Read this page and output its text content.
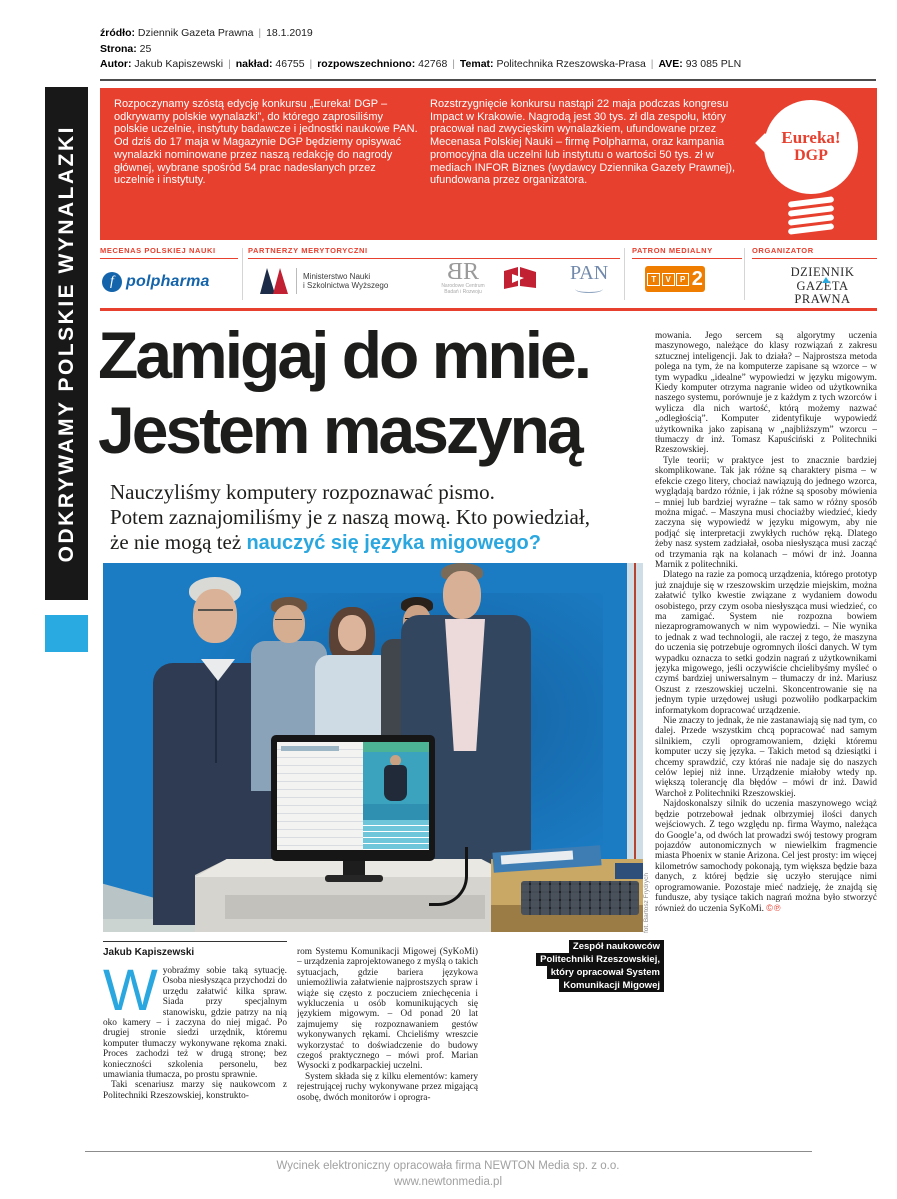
źródło: Dziennik Gazeta Prawna | 18.1.2019
Strona: 25
Autor: Jakub Kapiszewski | nakład: 46755 | rozpowszechniono: 42768 | Temat: Politechnika Rzeszowska-Prasa | AVE: 93 085 PLN
ODKRYWAMY POLSKIE WYNALAZKI

Rozpoczynamy szóstą edycję konkursu „Eureka! DGP – odkrywamy polskie wynalazki”, do którego zaprosiliśmy polskie uczelnie, instytuty badawcze i jednostki naukowe PAN. Od dziś do 17 maja w Magazynie DGP będziemy opisywać wynalazki nominowane przez naszą redakcję do nagrody głównej, wybrane spośród 54 prac nadesłanych przez uczelnie i instytuty.

Rozstrzygnięcie konkursu nastąpi 22 maja podczas kongresu Impact w Krakowie. Nagrodą jest 30 tys. zł dla zespołu, który pracował nad zwycięskim wynalazkiem, ufundowane przez Mecenasa Polskiej Nauki – firmę Polpharma, oraz kampania promocyjna dla uczelni lub instytutu o wartości 50 tys. zł w mediach INFOR Biznes (wydawcy Dziennika Gazety Prawnej), ufundowana przez organizatora.

Eureka!
DGP
MECENAS POLSKIEJ NAUKI	PARTNERZY MERYTORYCZNI	PATRON MEDIALNY	ORGANIZATOR
f polpharma	Ministerstwo Nauki
i Szkolnictwa Wyższego
BR
Narodowe Centrum
Badań i Rozwoju
PAN	T	V	P 2	DZIENNIK
GAZETA PRAWNA
Zamigaj do mnie.
Jestem maszyną
Nauczyliśmy komputery rozpoznawać pismo.
Potem zaznajomiliśmy je z naszą mową. Kto powiedział,
że nie mogą też nauczyć się języka migowego?
fot. Bartosz Frydrych
Zespół naukowców
Politechniki Rzeszowskiej,
który opracował System
Komunikacji Migowej
Jakub Kapiszewski

Wyobraźmy sobie taką sytuację. Osoba niesłysząca przychodzi do urzędu załatwić kilka spraw. Siada przy specjalnym stanowisku, gdzie patrzy na nią oko kamery – i zaczyna do niej migać. Po drugiej stronie siedzi urzędnik, któremu komputer tłumaczy wykonywane rękoma znaki. Proces zachodzi też w drugą stronę; bez konieczności szkolenia personelu, bez umawiania tłumacza, po prostu sprawnie.

Taki scenariusz marzy się naukowcom z Politechniki Rzeszowskiej, konstrukto-

rom Systemu Komunikacji Migowej (SyKoMi) – urządzenia zaprojektowanego z myślą o takich sytuacjach, gdzie bariera językowa uniemożliwia załatwienie najprostszych spraw i wiąże się często z poczuciem zniechęcenia i wykluczenia u osób komunikujących się językiem migowym. – Od ponad 20 lat zajmujemy się rozpoznawaniem gestów wykonywanych rękami. Chcieliśmy wreszcie wykorzystać to doświadczenie do budowy czegoś praktycznego – mówi prof. Marian Wysocki z podkarpackiej uczelni.

System składa się z kilku elementów: kamery rejestrującej ruchy wykonywane przez migającą osobę, dwóch monitorów i oprogra-

mowania. Jego sercem są algorytmy uczenia maszynowego, należące do klasy rozwiązań z zakresu sztucznej inteligencji. Jak to działa? – Najprostsza metoda polega na tym, że na komputerze zapisane są wzorce – w tym wypadku „idealne” wypowiedzi w języku migowym. Kiedy komputer otrzyma nagranie wideo od użytkownika naszego systemu, porównuje je z każdym z tych wzorców i wylicza dla nich wartość, którą możemy nazwać „odległością”. Komputer zidentyfikuje wypowiedź użytkownika jako zapisaną w „najbliższym” wzorcu – tłumaczy dr inż. Tomasz Kapuściński z Politechniki Rzeszowskiej.

Tyle teorii; w praktyce jest to znacznie bardziej skomplikowane. Tak jak różne są charaktery pisma – w efekcie czego litery, chociaż nawiązują do jednego wzorca, wyglądają bardzo różnie, i jak różne są sposoby mówienia – mniej lub bardziej wyraźne – tak samo w różny sposób można migać. – Maszyna musi chociażby wiedzieć, kiedy zaczyna się wypowiedź w języku migowym, aby nie podjąć się interpretacji zwykłych ruchów ręką. Dlatego żeby nasz system zadziałał, osoba niesłysząca musi zacząć od trzymania rąk na kolanach – mówi dr inż. Joanna Marnik z politechniki.

Dlatego na razie za pomocą urządzenia, którego prototyp już znajduje się w rzeszowskim urzędzie miejskim, można załatwić tylko kwestie związane z wydaniem dowodu osobistego, przy czym osoba niesłysząca musi wiedzieć, co ma zamigać. System nie rozpozna bowiem niezaprogramowanych w nim wypowiedzi. – Nie wynika to jednak z wad technologii, ale raczej z tego, że maszyna do uczenia się potrzebuje ogromnych ilości danych. W tym wypadku oznacza to setki godzin nagrań z użytkownikami języka migowego, jeśli oczywiście chcielibyśmy myśleć o czymś bardziej uniwersalnym – tłumaczy dr inż. Mariusz Oszust z rzeszowskiej uczelni. Skoncentrowanie się na jednym typie urzędowej usługi pozwoliło podkarpackim informatykom dopracować urządzenie.

Nie znaczy to jednak, że nie zastanawiają się nad tym, co dalej. Przede wszystkim chcą popracować nad samym silnikiem, czyli oprogramowaniem, dzięki któremu komputer uczy się języka. – Takich metod są dziesiątki i chcemy sprawdzić, czy któraś nie nadaje się do naszych celów lepiej niż inne. Urządzenie miałoby wtedy np. większą tolerancję dla błędów – mówi dr inż. Dawid Warchoł z Politechniki Rzeszowskiej.

Najdoskonalszy silnik do uczenia maszynowego wciąż będzie potrzebował jednak olbrzymiej ilości danych wejściowych. Z tego względu np. firma Waymo, należąca do Google’a, od dwóch lat prowadzi swój testowy program pojazdów autonomicznych w niewielkim fragmencie miasta Phoenix w stanie Arizona. Cel jest prosty: im więcej kilometrów samochody pokonają, tym większa będzie baza danych, z której będzie się uczyło sterujące nimi oprogramowanie. Pozostaje mieć nadzieję, że znajdą się fundusze, aby tysiące takich nagrań można było stworzyć również do uczenia SyKoMi. ©℗

Wycinek elektroniczny opracowała firma NEWTON Media sp. z o.o.
www.newtonmedia.pl
